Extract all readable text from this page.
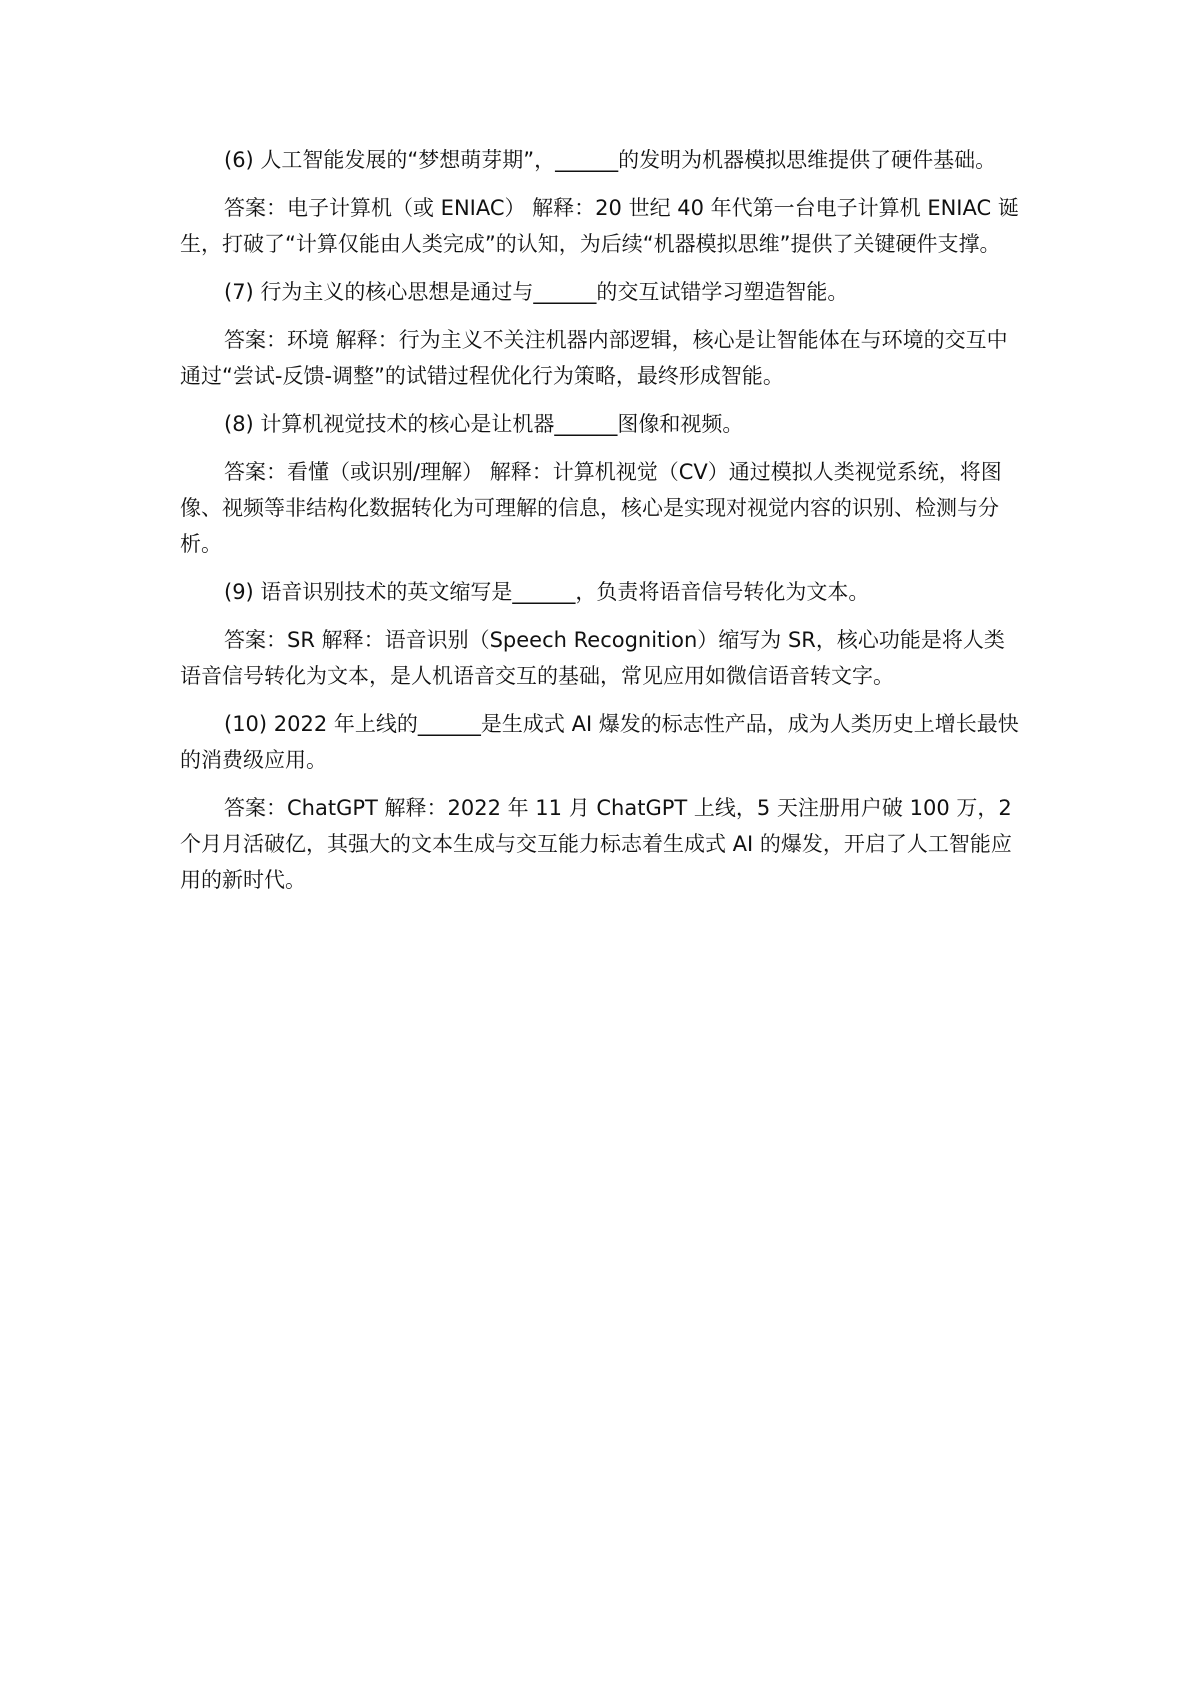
(6) 人工智能发展的“梦想萌芽期”，______的发明为机器模拟思维提供了硬件基础。

答案：电子计算机（或 ENIAC） 解释：20 世纪 40 年代第一台电子计算机 ENIAC 诞生，打破了“计算仅能由人类完成”的认知，为后续“机器模拟思维”提供了关键硬件支撑。

(7) 行为主义的核心思想是通过与______的交互试错学习塑造智能。

答案：环境 解释：行为主义不关注机器内部逻辑，核心是让智能体在与环境的交互中通过“尝试-反馈-调整”的试错过程优化行为策略，最终形成智能。

(8) 计算机视觉技术的核心是让机器______图像和视频。

答案：看懂（或识别/理解） 解释：计算机视觉（CV）通过模拟人类视觉系统，将图像、视频等非结构化数据转化为可理解的信息，核心是实现对视觉内容的识别、检测与分析。

(9) 语音识别技术的英文缩写是______，负责将语音信号转化为文本。

答案：SR 解释：语音识别（Speech Recognition）缩写为 SR，核心功能是将人类语音信号转化为文本，是人机语音交互的基础，常见应用如微信语音转文字。

(10) 2022 年上线的______是生成式 AI 爆发的标志性产品，成为人类历史上增长最快的消费级应用。

答案：ChatGPT 解释：2022 年 11 月 ChatGPT 上线，5 天注册用户破 100 万，2 个月月活破亿，其强大的文本生成与交互能力标志着生成式 AI 的爆发，开启了人工智能应用的新时代。
